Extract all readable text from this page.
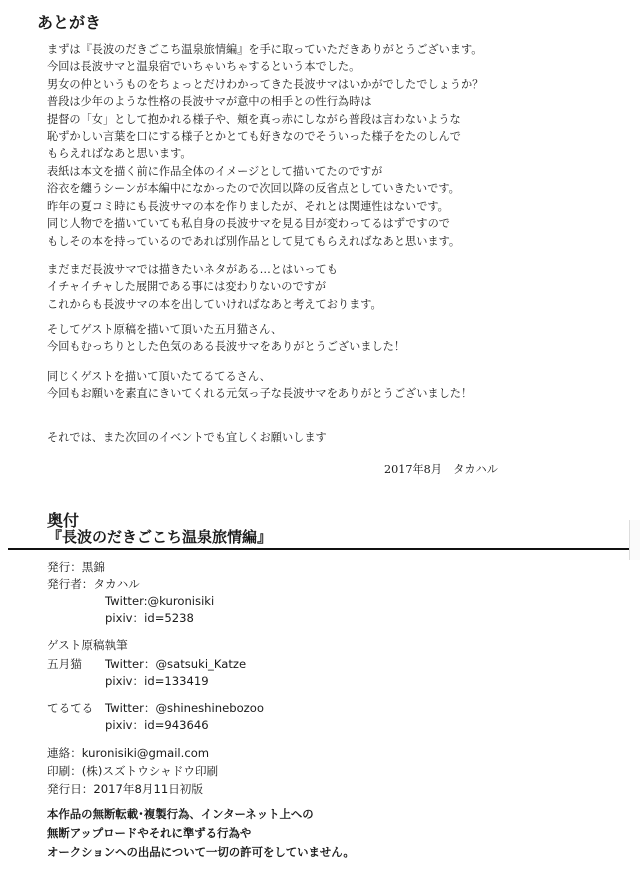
あとがき
まずは『長波のだきごこち温泉旅情編』を手に取っていただきありがとうございます。
今回は長波サマと温泉宿でいちゃいちゃするという本でした。
男女の仲というものをちょっとだけわかってきた長波サマはいかがでしたでしょうか？
普段は少年のような性格の長波サマが意中の相手との性行為時は
提督の「女」として抱かれる様子や、頬を真っ赤にしながら普段は言わないような
恥ずかしい言葉を口にする様子とかとても好きなのでそういった様子をたのしんで
もらえればなあと思います。
表紙は本文を描く前に作品全体のイメージとして描いてたのですが
浴衣を纏うシーンが本編中になかったので次回以降の反省点としていきたいです。
昨年の夏コミ時にも長波サマの本を作りましたが、それとは関連性はないです。
同じ人物でを描いていても私自身の長波サマを見る目が変わってるはずですので
もしその本を持っているのであれば別作品として見てもらえればなあと思います。
まだまだ長波サマでは描きたいネタがある…とはいっても
イチャイチャした展開である事には変わりないのですが
これからも長波サマの本を出していければなあと考えております。
そしてゲスト原稿を描いて頂いた五月猫さん、
今回もむっちりとした色気のある長波サマをありがとうございました！
同じくゲストを描いて頂いたてるてるさん、
今回もお願いを素直にきいてくれる元気っ子な長波サマをありがとうございました！
それでは、また次回のイベントでも宜しくお願いします
2017年8月　タカハル
奥付
『長波のだきごこち温泉旅情編』
発行：黒錦
発行者：タカハル
Twitter:@kuronisiki
pixiv：id=5238
ゲスト原稿執筆
五月猫 Twitter：@satsuki_Katze
pixiv：id=133419
てるてる Twitter：@shineshinebozoo
pixiv：id=943646
連絡：kuronisiki@gmail.com
印刷：(株)スズトウシャドウ印刷
発行日：2017年8月11日初版
本作品の無断転載･複製行為、インターネット上への
無断アップロードやそれに準ずる行為や
オークションへの出品について一切の許可をしていません。
